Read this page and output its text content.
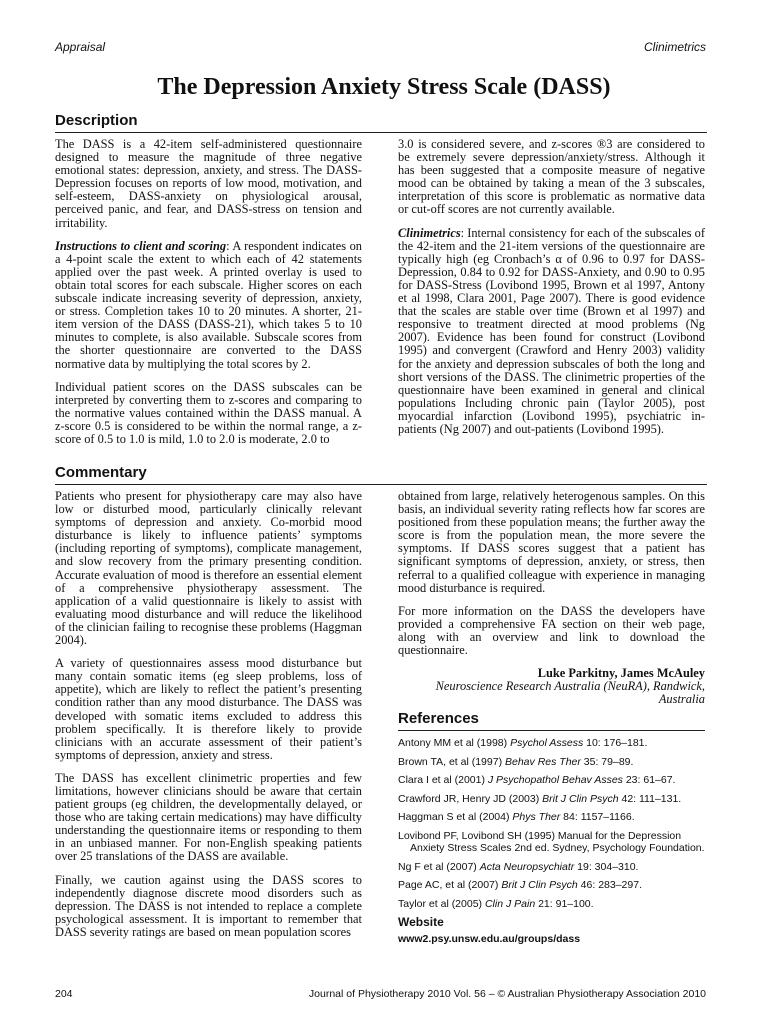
Appraisal	Clinimetrics
The Depression Anxiety Stress Scale (DASS)
Description

The DASS is a 42-item self-administered questionnaire designed to measure the magnitude of three negative emotional states: depression, anxiety, and stress. The DASS-Depression focuses on reports of low mood, motivation, and self-esteem, DASS-anxiety on physiological arousal, perceived panic, and fear, and DASS-stress on tension and irritability.

Instructions to client and scoring: A respondent indicates on a 4-point scale the extent to which each of 42 statements applied over the past week. A printed overlay is used to obtain total scores for each subscale. Higher scores on each subscale indicate increasing severity of depression, anxiety, or stress. Completion takes 10 to 20 minutes. A shorter, 21-item version of the DASS (DASS-21), which takes 5 to 10 minutes to complete, is also available. Subscale scores from the shorter questionnaire are converted to the DASS normative data by multiplying the total scores by 2.

Individual patient scores on the DASS subscales can be interpreted by converting them to z-scores and comparing to the normative values contained within the DASS manual. A z-score 0.5 is considered to be within the normal range, a z-score of 0.5 to 1.0 is mild, 1.0 to 2.0 is moderate, 2.0 to

3.0 is considered severe, and z-scores ®3 are considered to be extremely severe depression/anxiety/stress. Although it has been suggested that a composite measure of negative mood can be obtained by taking a mean of the 3 subscales, interpretation of this score is problematic as normative data or cut-off scores are not currently available.

Clinimetrics: Internal consistency for each of the subscales of the 42-item and the 21-item versions of the questionnaire are typically high (eg Cronbach’s α of 0.96 to 0.97 for DASS-Depression, 0.84 to 0.92 for DASS-Anxiety, and 0.90 to 0.95 for DASS-Stress (Lovibond 1995, Brown et al 1997, Antony et al 1998, Clara 2001, Page 2007). There is good evidence that the scales are stable over time (Brown et al 1997) and responsive to treatment directed at mood problems (Ng 2007). Evidence has been found for construct (Lovibond 1995) and convergent (Crawford and Henry 2003) validity for the anxiety and depression subscales of both the long and short versions of the DASS. The clinimetric properties of the questionnaire have been examined in general and clinical populations Including chronic pain (Taylor 2005), post myocardial infarction (Lovibond 1995), psychiatric in-patients (Ng 2007) and out-patients (Lovibond 1995).

Commentary

Patients who present for physiotherapy care may also have low or disturbed mood, particularly clinically relevant symptoms of depression and anxiety. Co-morbid mood disturbance is likely to influence patients’ symptoms (including reporting of symptoms), complicate management, and slow recovery from the primary presenting condition. Accurate evaluation of mood is therefore an essential element of a comprehensive physiotherapy assessment. The application of a valid questionnaire is likely to assist with evaluating mood disturbance and will reduce the likelihood of the clinician failing to recognise these problems (Haggman 2004).

A variety of questionnaires assess mood disturbance but many contain somatic items (eg sleep problems, loss of appetite), which are likely to reflect the patient’s presenting condition rather than any mood disturbance. The DASS was developed with somatic items excluded to address this problem specifically. It is therefore likely to provide clinicians with an accurate assessment of their patient’s symptoms of depression, anxiety and stress.

The DASS has excellent clinimetric properties and few limitations, however clinicians should be aware that certain patient groups (eg children, the developmentally delayed, or those who are taking certain medications) may have difficulty understanding the questionnaire items or responding to them in an unbiased manner. For non-English speaking patients over 25 translations of the DASS are available.

Finally, we caution against using the DASS scores to independently diagnose discrete mood disorders such as depression. The DASS is not intended to replace a complete psychological assessment. It is important to remember that DASS severity ratings are based on mean population scores

obtained from large, relatively heterogenous samples. On this basis, an individual severity rating reflects how far scores are positioned from these population means; the further away the score is from the population mean, the more severe the symptoms. If DASS scores suggest that a patient has significant symptoms of depression, anxiety, or stress, then referral to a qualified colleague with experience in managing mood disturbance is required.

For more information on the DASS the developers have provided a comprehensive FA section on their web page, along with an overview and link to download the questionnaire.

Luke Parkitny, James McAuley
Neuroscience Research Australia (NeuRA), Randwick, Australia
References
Antony MM et al (1998) Psychol Assess 10: 176–181.
Brown TA, et al (1997) Behav Res Ther 35: 79–89.
Clara I et al (2001) J Psychopathol Behav Asses 23: 61–67.
Crawford JR, Henry JD (2003) Brit J Clin Psych 42: 111–131.
Haggman S et al (2004) Phys Ther 84: 1157–1166.
Lovibond PF, Lovibond SH (1995) Manual for the Depression Anxiety Stress Scales 2nd ed. Sydney, Psychology Foundation.
Ng F et al (2007) Acta Neuropsychiatr 19: 304–310.
Page AC, et al (2007) Brit J Clin Psych 46: 283–297.
Taylor et al (2005) Clin J Pain 21: 91–100.
Website
www2.psy.unsw.edu.au/groups/dass
204	Journal of Physiotherapy 2010 Vol. 56 – © Australian Physiotherapy Association 2010
